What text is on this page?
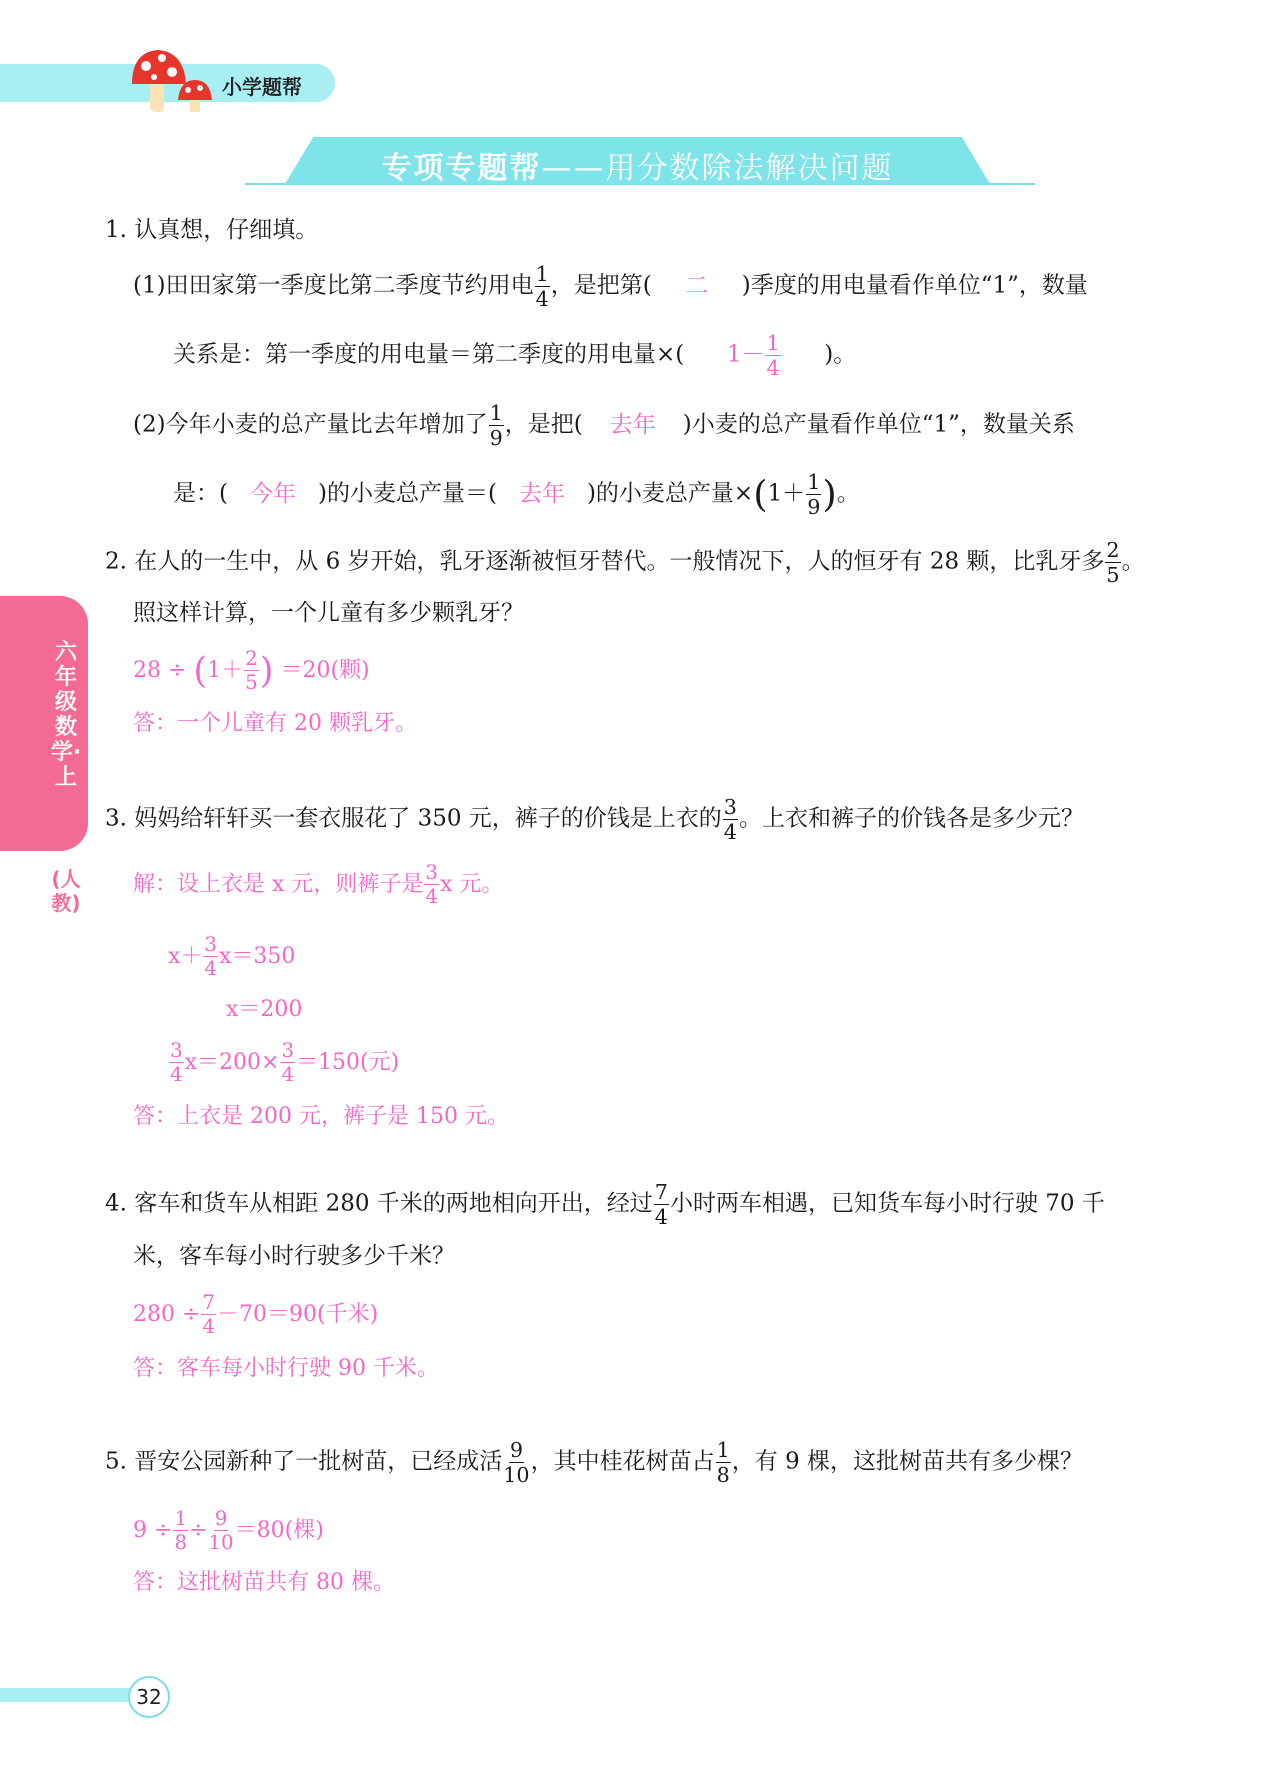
小学题帮
专项专题帮——用分数除法解决问题
六年级数学·上
(人教)
1. 认真想，仔细填。
(1)田田家第一季度比第二季度节约用电 $\frac{1}{4}$ ，是把第( 二 )季度的用电量看作单位“1”，数量
关系是：第一季度的用电量＝第二季度的用电量×( $1- \frac{1}{4}$ )。
(2)今年小麦的总产量比去年增加了 $\frac{1}{9}$ ，是把( 去年 )小麦的总产量看作单位“1”，数量关系
是：( 今年 )的小麦总产量＝( 去年 )的小麦总产量$\times(1+ \frac{1}{9}$ )。
2. 在人的一生中，从 6 岁开始，乳牙逐渐被恒牙替代。一般情况下，人的恒牙有 28 颗，比乳牙多 $\frac{2}{5}$ 。
照这样计算，一个儿童有多少颗乳牙？
$28 \div (1+ \frac{2}{5}$ ) ＝20(颗)
答：一个儿童有 20 颗乳牙。
3. 妈妈给轩轩买一套衣服花了 350 元，裤子的价钱是上衣的 $\frac{3}{4}$ 。上衣和裤子的价钱各是多少元？
解：设上衣是 x 元，则裤子是 $\frac{3}{4}$ x 元。
$x+ \frac{3}{4} x=350$
x＝200
$\frac{3}{4} x=200\times \frac{3}{4} =150$(元)
答：上衣是 200 元，裤子是 150 元。
4. 客车和货车从相距 280 千米的两地相向开出，经过 $\frac{7}{4}$ 小时两车相遇，已知货车每小时行驶 70 千
米，客车每小时行驶多少千米？
$280 \div \frac{7}{4} -70=90$(千米)
答：客车每小时行驶 90 千米。
5. 晋安公园新种了一批树苗，已经成活 $\frac{9}{10}$ ，其中桂花树苗占 $\frac{1}{8}$ ，有 9 棵，这批树苗共有多少棵？
$9 \div \frac{1}{8} \div \frac{9}{10} =80$(棵)
答：这批树苗共有 80 棵。
32
